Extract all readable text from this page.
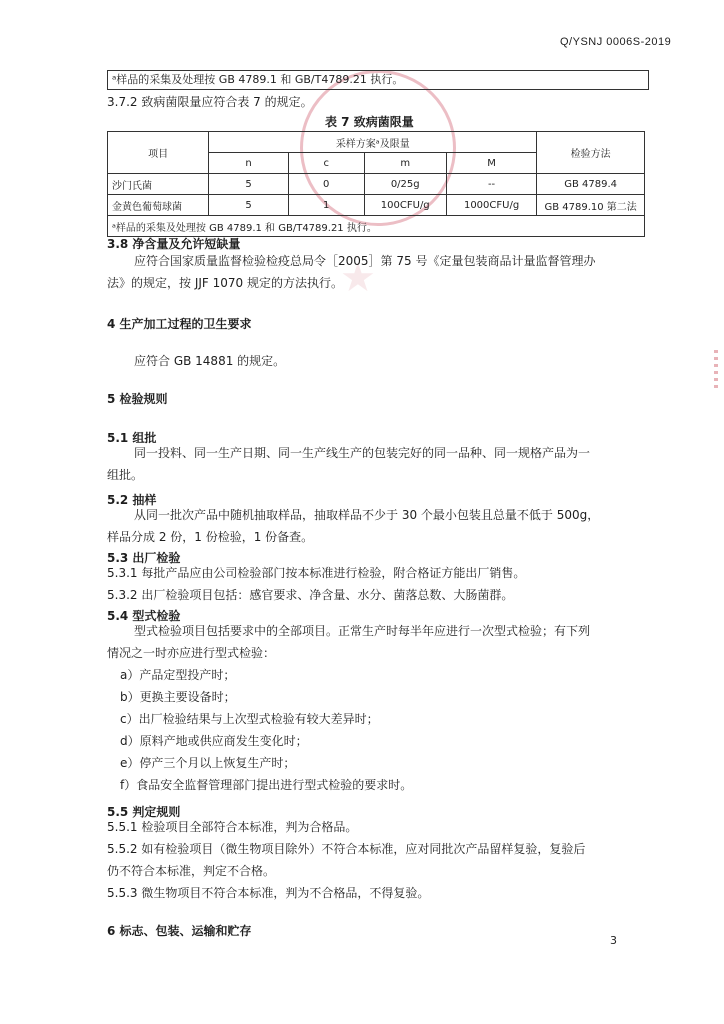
★
Q/YSNJ 0006S-2019
ᵃ样品的采集及处理按 GB 4789.1 和 GB/T4789.21 执行。
3.7.2 致病菌限量应符合表 7 的规定。
表 7 致病菌限量
项目	采样方案ᵃ及限量				检验方法
	n	c	m	M	
沙门氏菌	5	0	0/25g	--	GB 4789.4
金黄色葡萄球菌	5	1	100CFU/g	1000CFU/g	GB 4789.10 第二法
ᵃ样品的采集及处理按 GB 4789.1 和 GB/T4789.21 执行。					
3.8 净含量及允许短缺量
应符合国家质量监督检验检疫总局令［2005］第 75 号《定量包装商品计量监督管理办
法》的规定，按 JJF 1070 规定的方法执行。
4 生产加工过程的卫生要求
应符合 GB 14881 的规定。
5 检验规则
5.1 组批
同一投料、同一生产日期、同一生产线生产的包装完好的同一品种、同一规格产品为一
组批。
5.2 抽样
从同一批次产品中随机抽取样品，抽取样品不少于 30 个最小包装且总量不低于 500g，
样品分成 2 份，1 份检验，1 份备查。
5.3 出厂检验
5.3.1 每批产品应由公司检验部门按本标准进行检验，附合格证方能出厂销售。
5.3.2 出厂检验项目包括：感官要求、净含量、水分、菌落总数、大肠菌群。
5.4 型式检验
型式检验项目包括要求中的全部项目。正常生产时每半年应进行一次型式检验；有下列
情况之一时亦应进行型式检验：
a）产品定型投产时；
b）更换主要设备时；
c）出厂检验结果与上次型式检验有较大差异时；
d）原料产地或供应商发生变化时；
e）停产三个月以上恢复生产时；
f）食品安全监督管理部门提出进行型式检验的要求时。
5.5 判定规则
5.5.1 检验项目全部符合本标准，判为合格品。
5.5.2 如有检验项目（微生物项目除外）不符合本标准，应对同批次产品留样复验，复验后
仍不符合本标准，判定不合格。
5.5.3 微生物项目不符合本标准，判为不合格品，不得复验。
6 标志、包装、运输和贮存
3
